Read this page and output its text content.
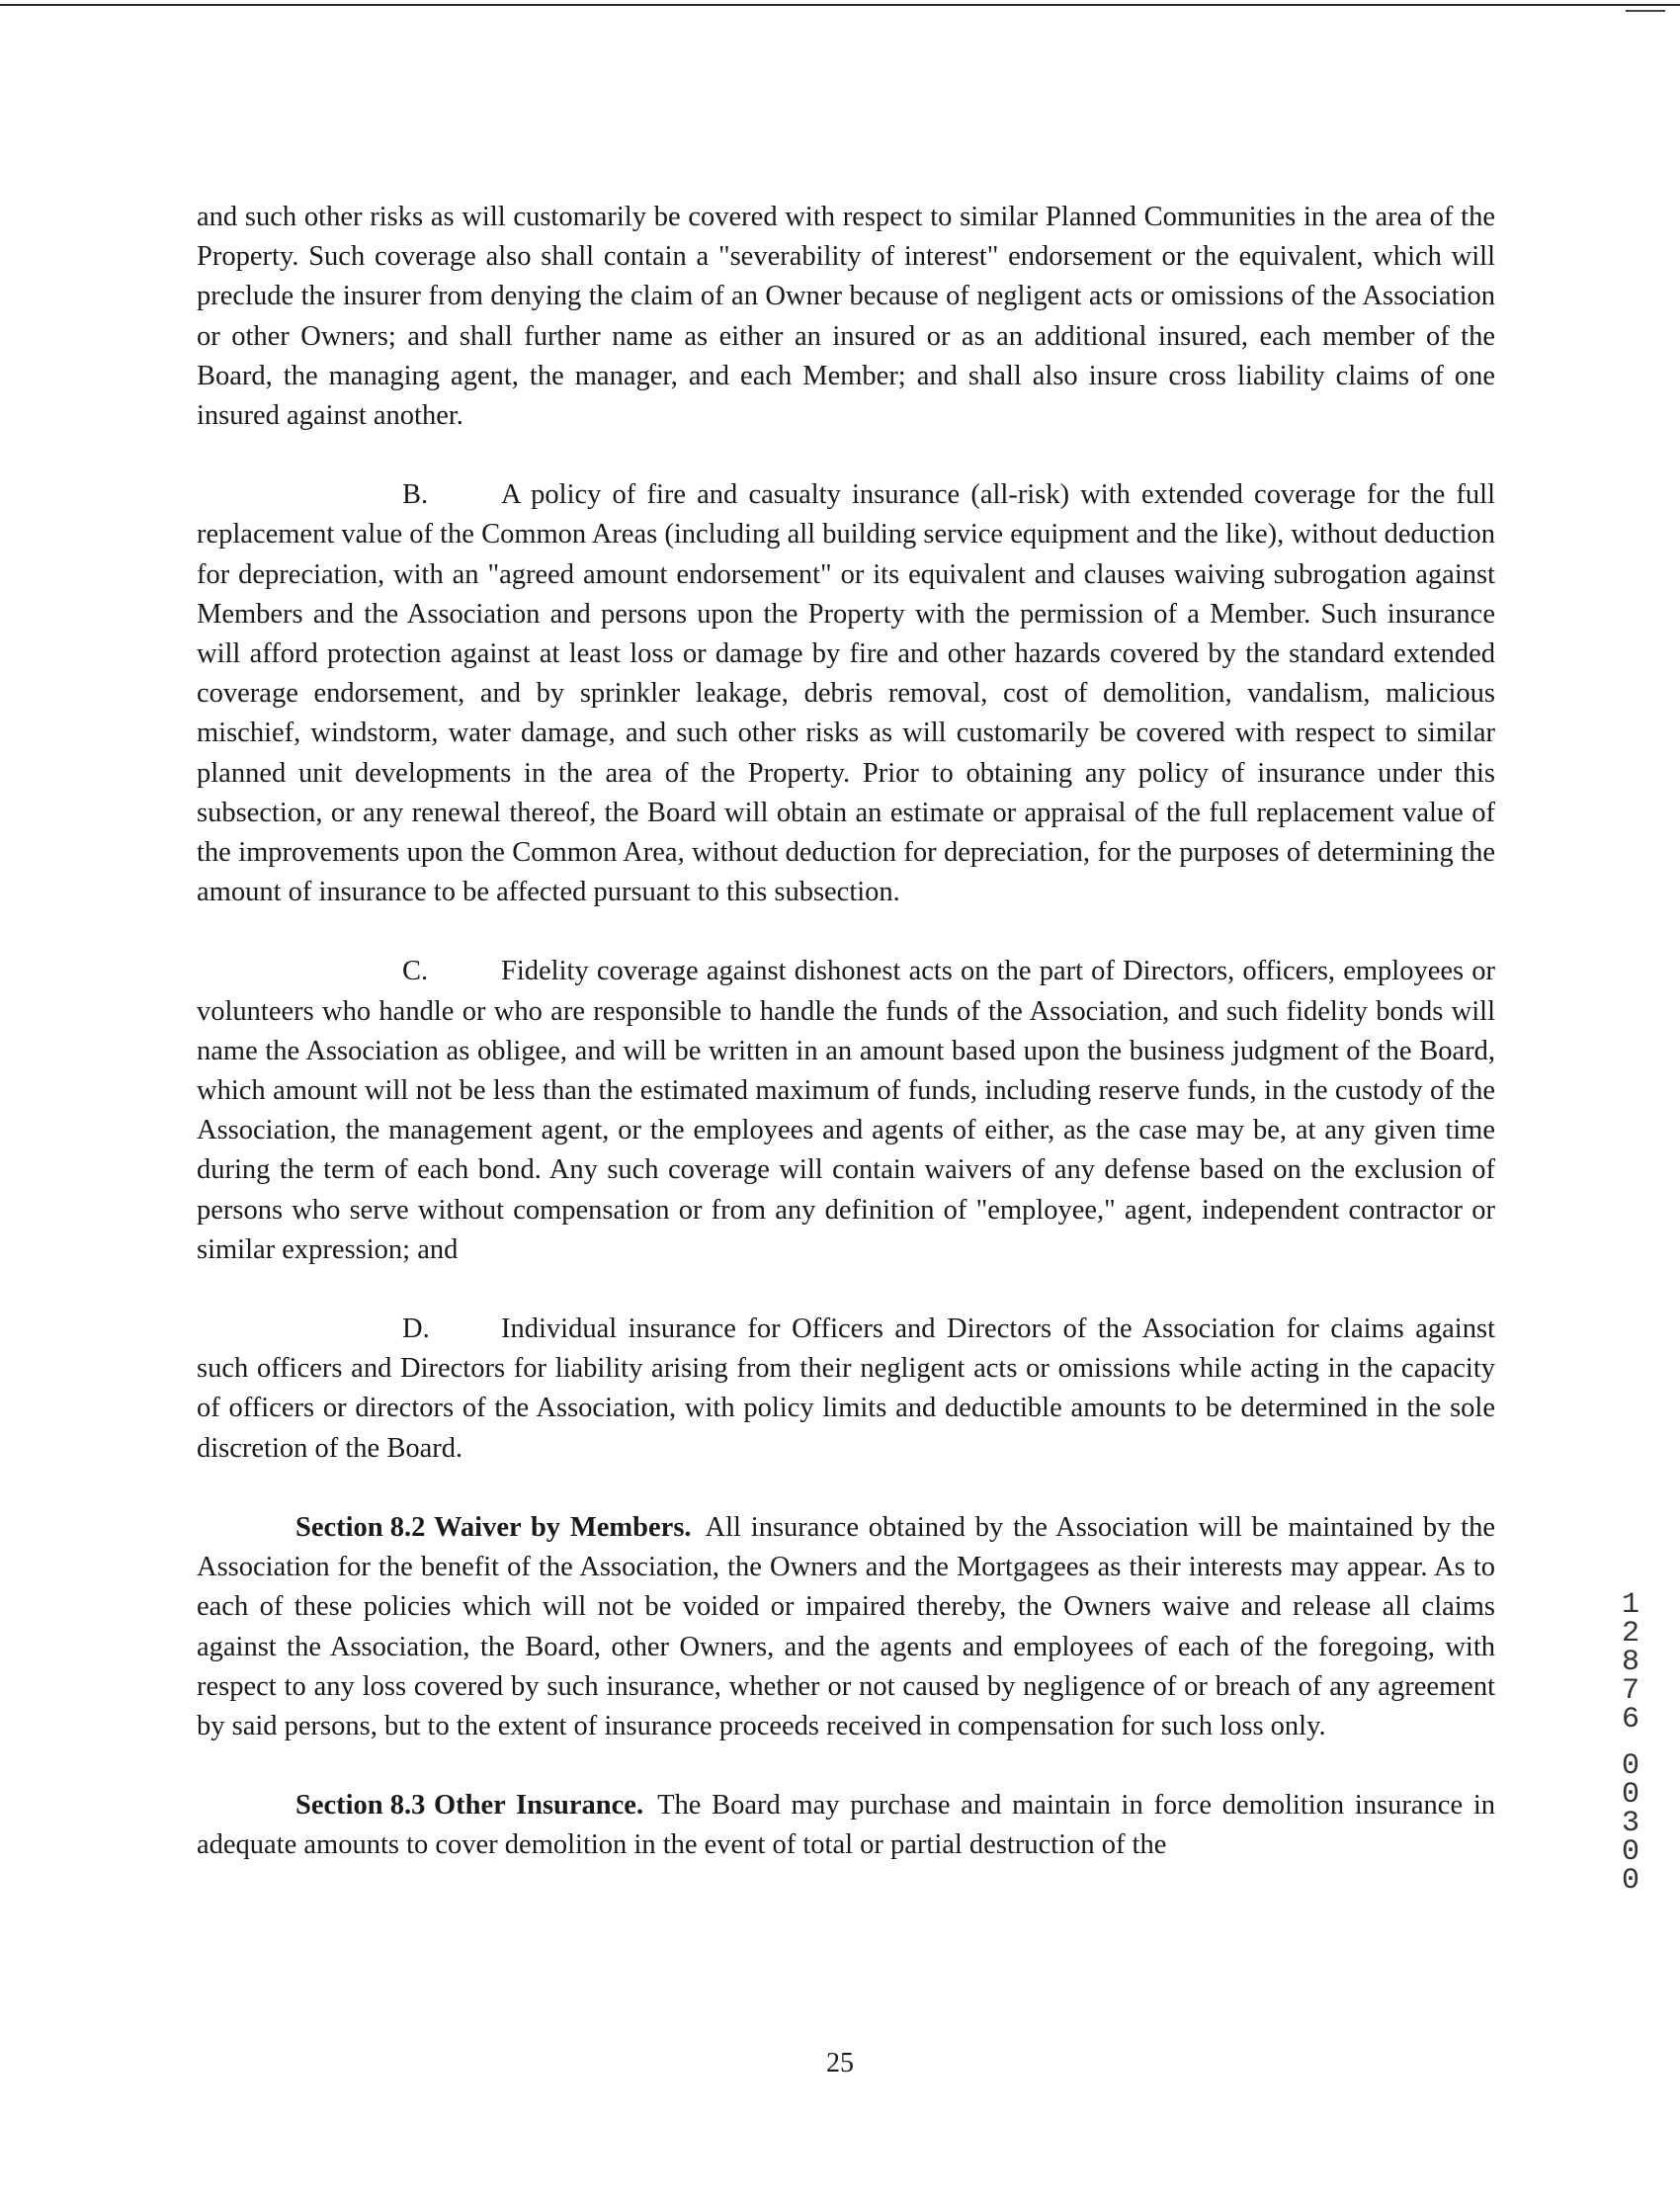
and such other risks as will customarily be covered with respect to similar Planned Communities in the area of the Property. Such coverage also shall contain a "severability of interest" endorsement or the equivalent, which will preclude the insurer from denying the claim of an Owner because of negligent acts or omissions of the Association or other Owners; and shall further name as either an insured or as an additional insured, each member of the Board, the managing agent, the manager, and each Member; and shall also insure cross liability claims of one insured against another.

B.	A policy of fire and casualty insurance (all-risk) with extended coverage for the full replacement value of the Common Areas (including all building service equipment and the like), without deduction for depreciation, with an "agreed amount endorsement" or its equivalent and clauses waiving subrogation against Members and the Association and persons upon the Property with the permission of a Member. Such insurance will afford protection against at least loss or damage by fire and other hazards covered by the standard extended coverage endorsement, and by sprinkler leakage, debris removal, cost of demolition, vandalism, malicious mischief, windstorm, water damage, and such other risks as will customarily be covered with respect to similar planned unit developments in the area of the Property. Prior to obtaining any policy of insurance under this subsection, or any renewal thereof, the Board will obtain an estimate or appraisal of the full replacement value of the improvements upon the Common Area, without deduction for depreciation, for the purposes of determining the amount of insurance to be affected pursuant to this subsection.

C.	Fidelity coverage against dishonest acts on the part of Directors, officers, employees or volunteers who handle or who are responsible to handle the funds of the Association, and such fidelity bonds will name the Association as obligee, and will be written in an amount based upon the business judgment of the Board, which amount will not be less than the estimated maximum of funds, including reserve funds, in the custody of the Association, the management agent, or the employees and agents of either, as the case may be, at any given time during the term of each bond. Any such coverage will contain waivers of any defense based on the exclusion of persons who serve without compensation or from any definition of "employee," agent, independent contractor or similar expression; and

D.	Individual insurance for Officers and Directors of the Association for claims against such officers and Directors for liability arising from their negligent acts or omissions while acting in the capacity of officers or directors of the Association, with policy limits and deductible amounts to be determined in the sole discretion of the Board.

Section 8.2 Waiver by Members. All insurance obtained by the Association will be maintained by the Association for the benefit of the Association, the Owners and the Mortgagees as their interests may appear. As to each of these policies which will not be voided or impaired thereby, the Owners waive and release all claims against the Association, the Board, other Owners, and the agents and employees of each of the foregoing, with respect to any loss covered by such insurance, whether or not caused by negligence of or breach of any agreement by said persons, but to the extent of insurance proceeds received in compensation for such loss only.

Section 8.3 Other Insurance. The Board may purchase and maintain in force demolition insurance in adequate amounts to cover demolition in the event of total or partial destruction of the

25
1
2
8
7
6
0
0
3
0
0
